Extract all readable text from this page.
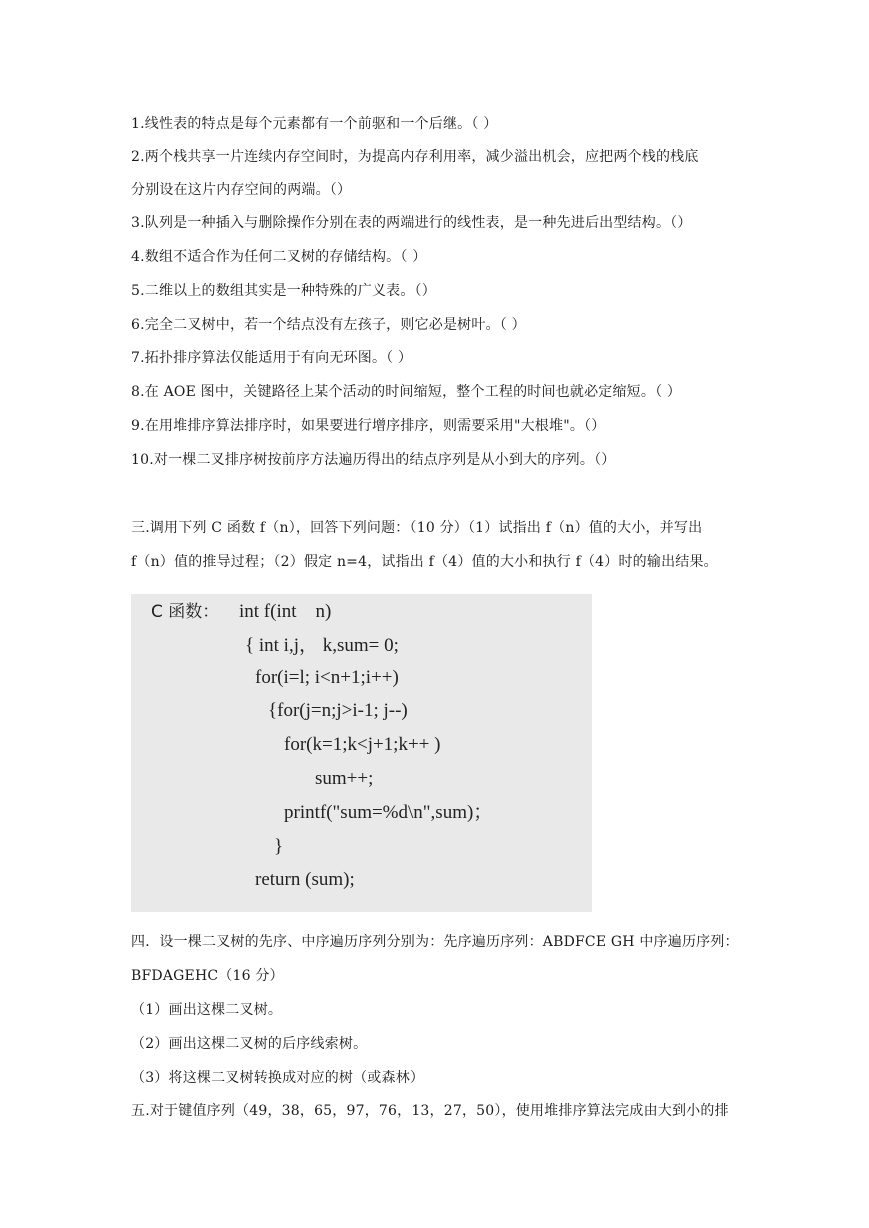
1.线性表的特点是每个元素都有一个前驱和一个后继。（ ）
2.两个栈共享一片连续内存空间时，为提高内存利用率，减少溢出机会，应把两个栈的栈底
分别设在这片内存空间的两端。（）
3.队列是一种插入与删除操作分别在表的两端进行的线性表，是一种先进后出型结构。（）
4.数组不适合作为任何二叉树的存储结构。（ ）
5.二维以上的数组其实是一种特殊的广义表。（）
6.完全二叉树中，若一个结点没有左孩子，则它必是树叶。（ ）
7.拓扑排序算法仅能适用于有向无环图。（ ）
8.在 AOE 图中，关键路径上某个活动的时间缩短，整个工程的时间也就必定缩短。（ ）
9.在用堆排序算法排序时，如果要进行增序排序，则需要采用"大根堆"。（）
10.对一棵二叉排序树按前序方法遍历得出的结点序列是从小到大的序列。（）
三.调用下列 C 函数 f（n），回答下列问题：（10 分）（1）试指出 f（n）值的大小，并写出
f（n）值的推导过程；（2）假定 n=4，试指出 f（4）值的大小和执行 f（4）时的输出结果。
C 函数： int f(int    n)
{ int i,j， k,sum= 0;
for(i=l; i<n+1;i++)
{for(j=n;j>i-1; j--)
for(k=1;k<j+1;k++ )
sum++;
printf("sum=%d\n",sum)；
}
return (sum);
四．设一棵二叉树的先序、中序遍历序列分别为：先序遍历序列：ABDFCE GH 中序遍历序列：
BFDAGEHC（16 分）
（1）画出这棵二叉树。
（2）画出这棵二叉树的后序线索树。
（3）将这棵二叉树转换成对应的树（或森林）
五.对于键值序列（49，38，65，97，76，13，27，50），使用堆排序算法完成由大到小的排
